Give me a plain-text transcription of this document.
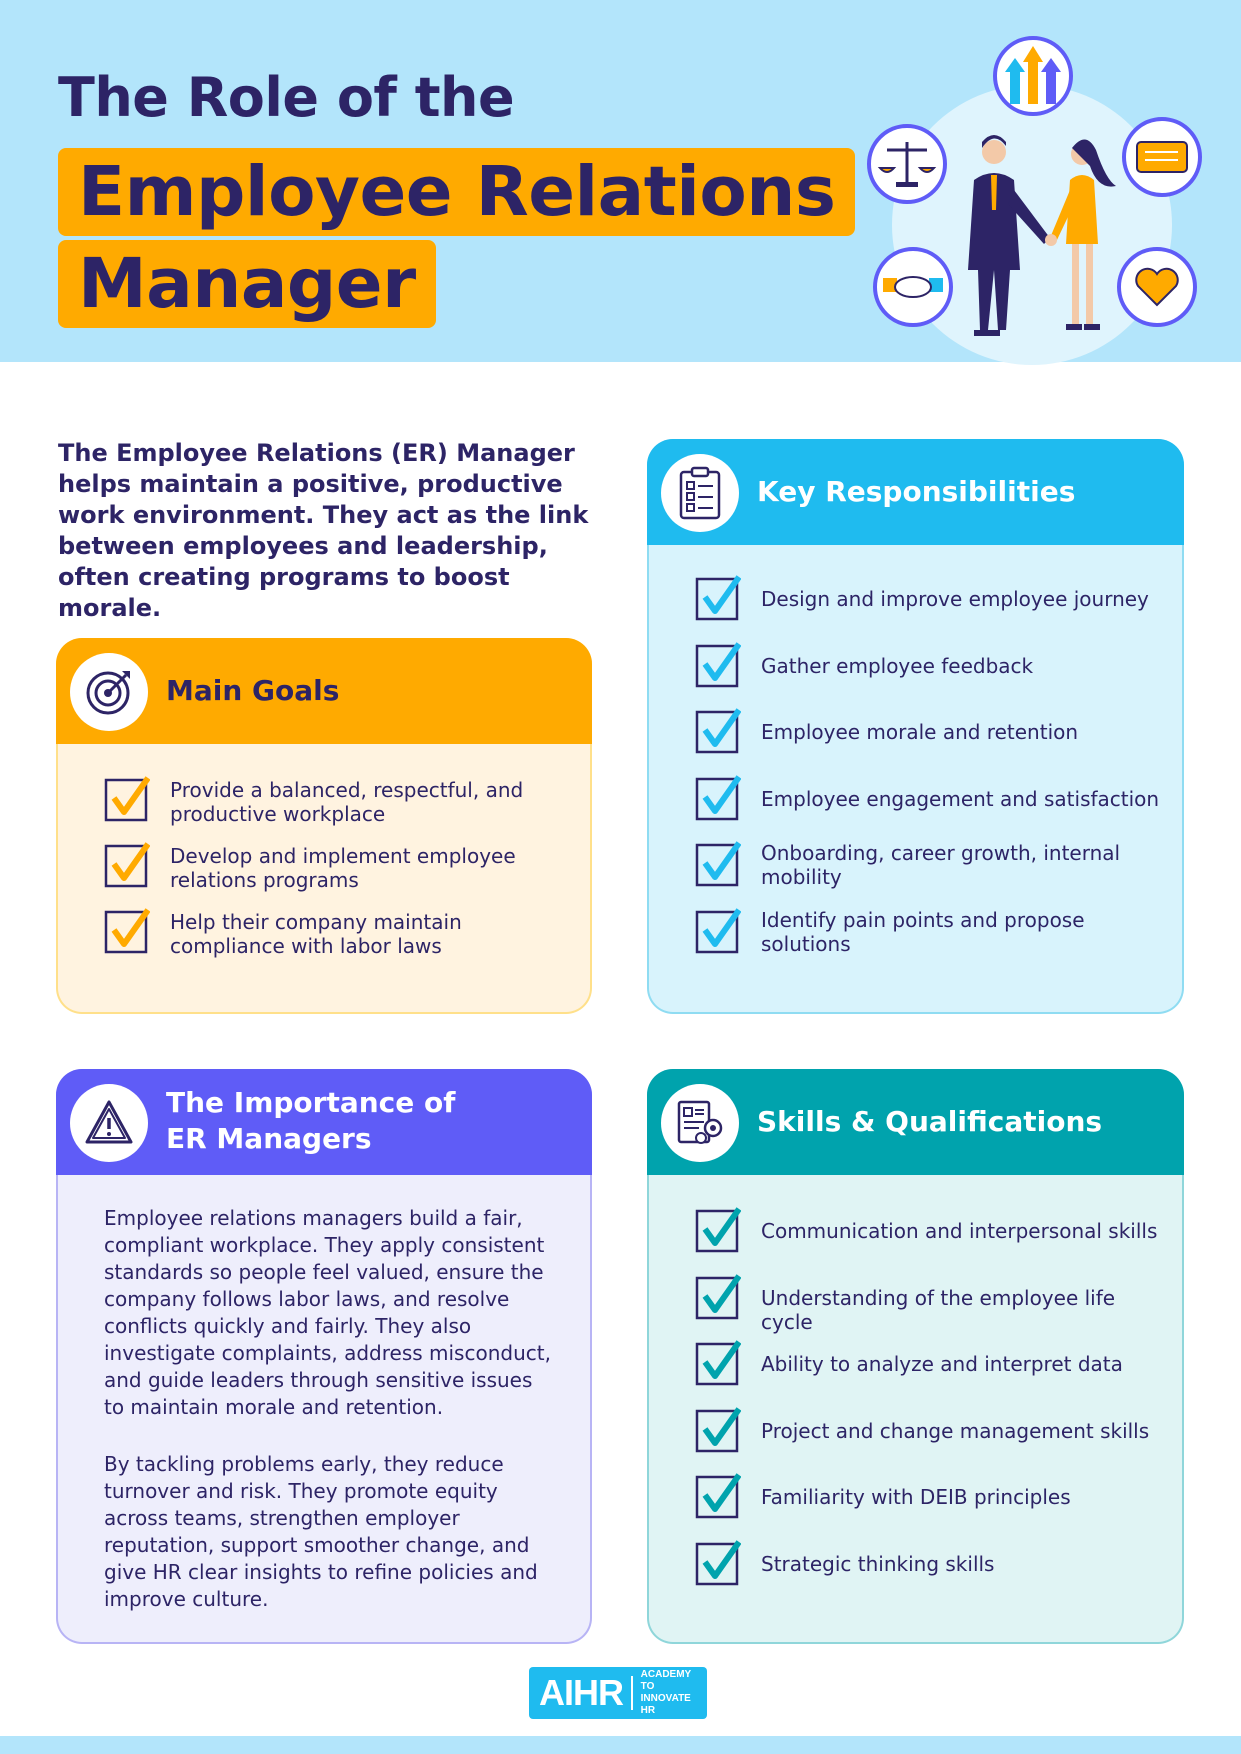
The Role of the
Employee Relations
Manager
The Employee Relations (ER) Manager helps maintain a positive, productive work environment. They act as the link between employees and leadership, often creating programs to boost morale.
Main Goals
Provide a balanced, respectful, and productive workplace
Develop and implement employee relations programs
Help their company maintain compliance with labor laws
Key Responsibilities
Design and improve employee journey
Gather employee feedback
Employee morale and retention
Employee engagement and satisfaction
Onboarding, career growth, internal mobility
Identify pain points and propose solutions
The Importance of
ER Managers
Employee relations managers build a fair, compliant workplace. They apply consistent standards so people feel valued, ensure the company follows labor laws, and resolve conflicts quickly and fairly. They also investigate complaints, address misconduct, and guide leaders through sensitive issues to maintain morale and retention.
By tackling problems early, they reduce turnover and risk. They promote equity across teams, strengthen employer reputation, support smoother change, and give HR clear insights to refine policies and improve culture.
Skills & Qualifications
Communication and interpersonal skills
Understanding of the employee life cycle
Ability to analyze and interpret data
Project and change management skills
Familiarity with DEIB principles
Strategic thinking skills
AIHR ACADEMY TO INNOVATE HR
